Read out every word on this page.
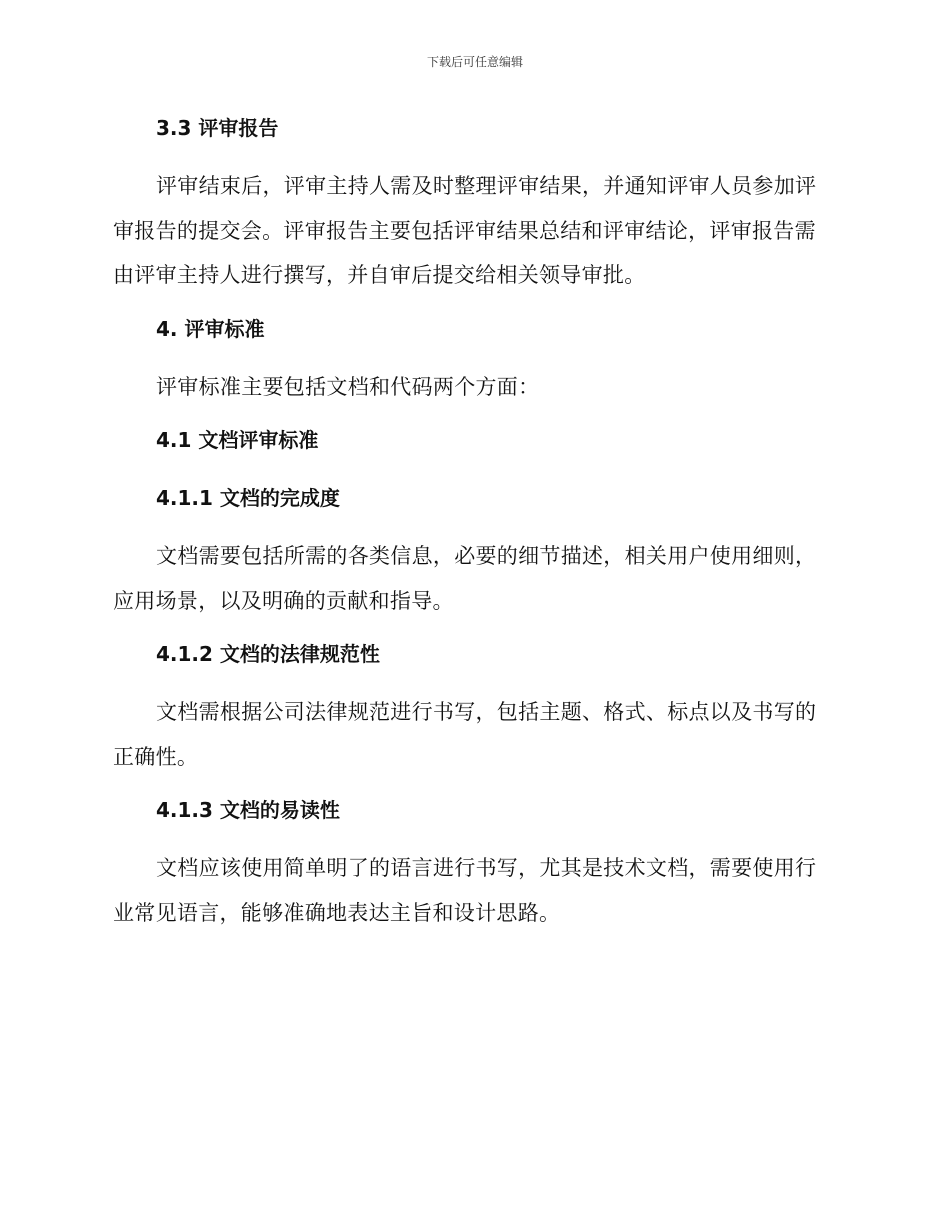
下载后可任意编辑
3.3 评审报告

评审结束后，评审主持人需及时整理评审结果，并通知评审人员参加评审报告的提交会。评审报告主要包括评审结果总结和评审结论，评审报告需由评审主持人进行撰写，并自审后提交给相关领导审批。

4. 评审标准

评审标准主要包括文档和代码两个方面：

4.1 文档评审标准
4.1.1 文档的完成度

文档需要包括所需的各类信息，必要的细节描述，相关用户使用细则，应用场景，以及明确的贡献和指导。

4.1.2 文档的法律规范性

文档需根据公司法律规范进行书写，包括主题、格式、标点以及书写的正确性。

4.1.3 文档的易读性

文档应该使用简单明了的语言进行书写，尤其是技术文档，需要使用行业常见语言，能够准确地表达主旨和设计思路。
